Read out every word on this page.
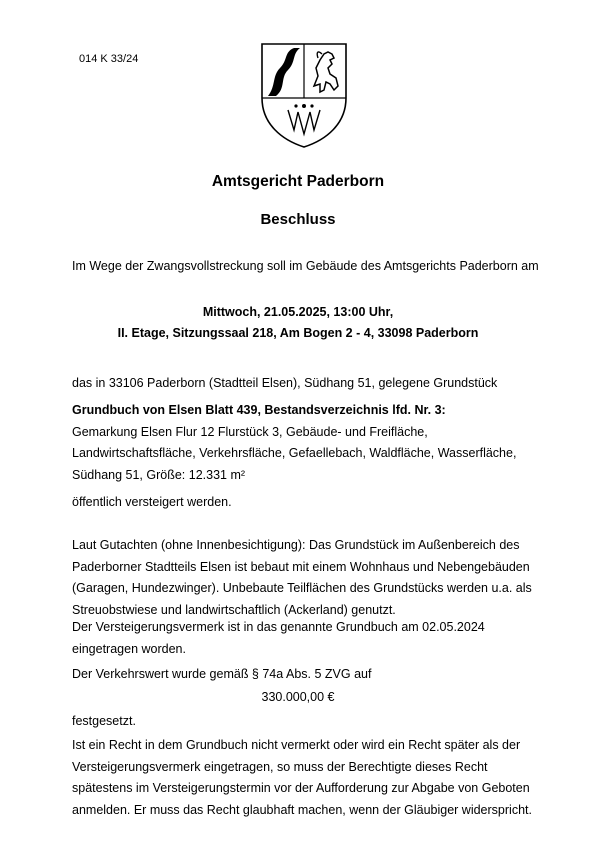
014 K 33/24
Amtsgericht Paderborn
Beschluss
Im Wege der Zwangsvollstreckung soll im Gebäude des Amtsgerichts Paderborn am
Mittwoch, 21.05.2025, 13:00 Uhr,
II. Etage, Sitzungssaal 218, Am Bogen 2 - 4, 33098 Paderborn
das in 33106 Paderborn (Stadtteil Elsen), Südhang 51, gelegene Grundstück
Grundbuch von Elsen Blatt 439, Bestandsverzeichnis lfd. Nr. 3:
Gemarkung Elsen Flur 12 Flurstück 3, Gebäude- und Freifläche,
Landwirtschaftsfläche, Verkehrsfläche, Gefaellebach, Waldfläche, Wasserfläche,
Südhang 51, Größe: 12.331 m²
öffentlich versteigert werden.
Laut Gutachten (ohne Innenbesichtigung): Das Grundstück im Außenbereich des
Paderborner Stadtteils Elsen ist bebaut mit einem Wohnhaus und Nebengebäuden
(Garagen, Hundezwinger). Unbebaute Teilflächen des Grundstücks werden u.a. als
Streuobstwiese und landwirtschaftlich (Ackerland) genutzt.
Der Versteigerungsvermerk ist in das genannte Grundbuch am 02.05.2024
eingetragen worden.
Der Verkehrswert wurde gemäß § 74a Abs. 5 ZVG auf
330.000,00 €
festgesetzt.
Ist ein Recht in dem Grundbuch nicht vermerkt oder wird ein Recht später als der
Versteigerungsvermerk eingetragen, so muss der Berechtigte dieses Recht
spätestens im Versteigerungstermin vor der Aufforderung zur Abgabe von Geboten
anmelden. Er muss das Recht glaubhaft machen, wenn der Gläubiger widerspricht.
